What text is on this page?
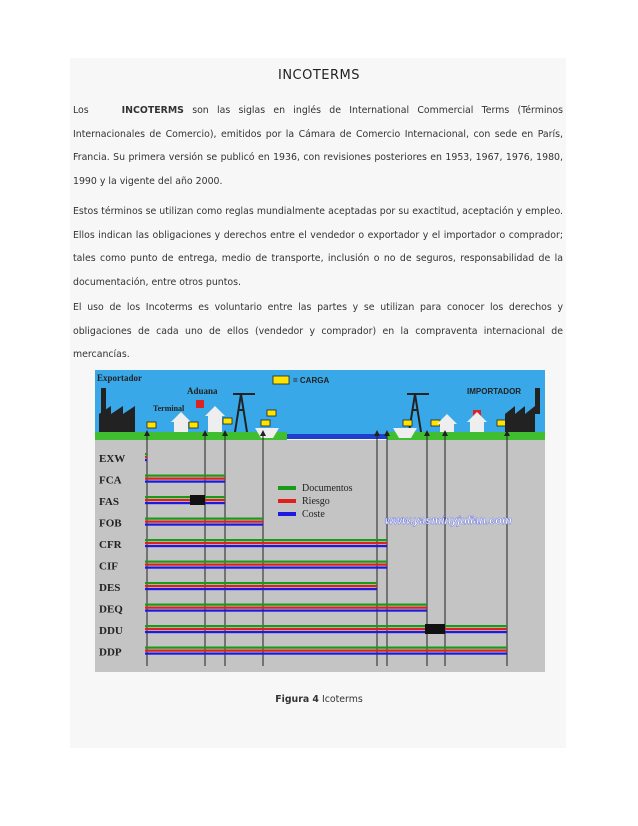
INCOTERMS
Los	INCOTERMS son las siglas en inglés de International Commercial Terms (Términos Internacionales de Comercio), emitidos por la Cámara de Comercio Internacional, con sede en París, Francia. Su primera versión se publicó en 1936, con revisiones posteriores en 1953, 1967, 1976, 1980, 1990 y la vigente del año 2000.
Estos términos se utilizan como reglas mundialmente aceptadas por su exactitud, aceptación y empleo. Ellos indican las obligaciones y derechos entre el vendedor o exportador y el importador o comprador; tales como punto de entrega, medio de transporte, inclusión o no de seguros, responsabilidad de la documentación, entre otros puntos.
El uso de los Incoterms es voluntario entre las partes y se utilizan para conocer los derechos y obligaciones de cada uno de ellos (vendedor y comprador) en la compraventa internacional de mercancías.
Exportador
Aduana
Terminal
= CARGA
IMPORTADOR
EXW
FCA
FAS
FOB
CFR
CIF
DES
DEQ
DDU
DDP
Documentos
Riesgo
Coste
www.yasminyjulian.com
Figura 4 Icoterms
